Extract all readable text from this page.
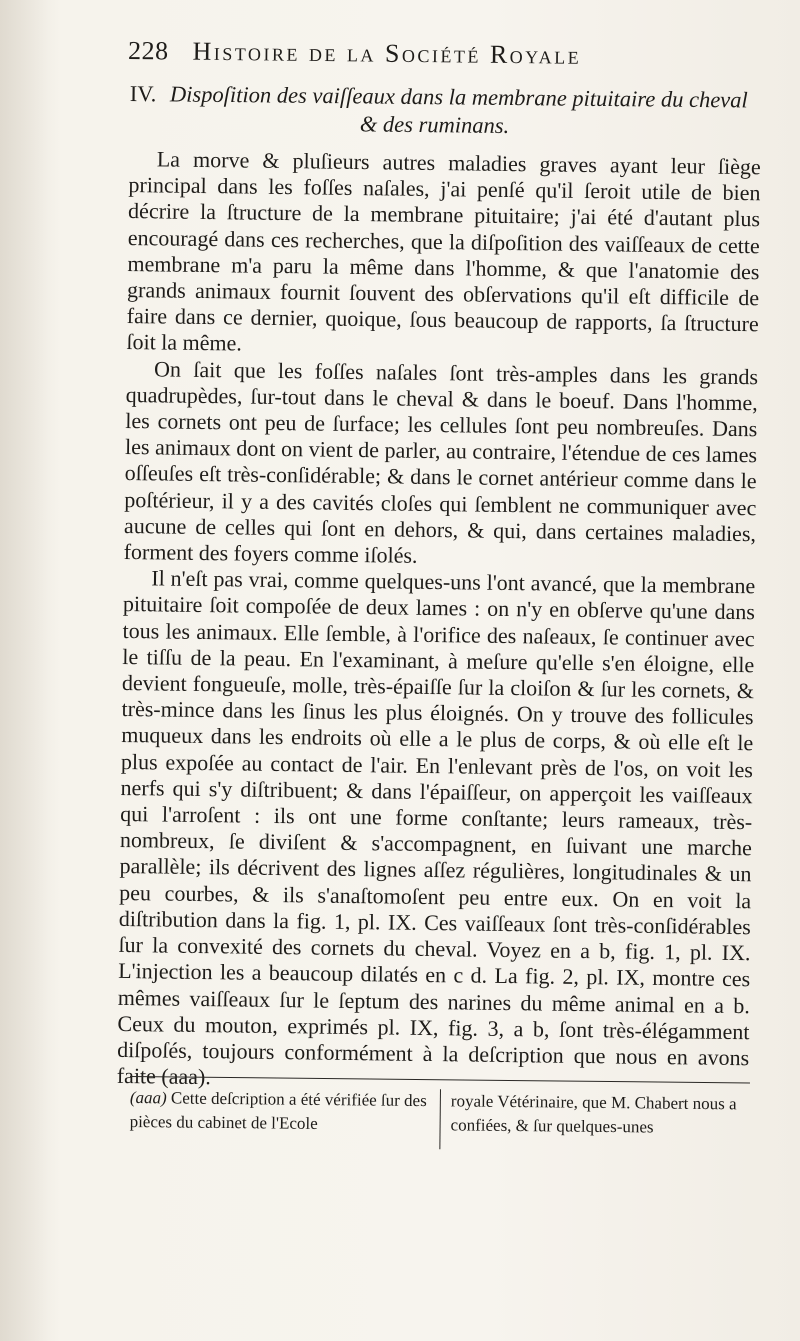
228 Histoire de la Société Royale
IV. Dispoſition des vaiſſeaux dans la membrane pituitaire du cheval
& des ruminans.

La morve & pluſieurs autres maladies graves ayant leur ſiège principal dans les foſſes naſales, j'ai penſé qu'il ſeroit utile de bien décrire la ſtructure de la membrane pituitaire; j'ai été d'autant plus encouragé dans ces recherches, que la diſpoſition des vaiſſeaux de cette membrane m'a paru la même dans l'homme, & que l'anatomie des grands animaux fournit ſouvent des obſervations qu'il eſt difficile de faire dans ce dernier, quoique, ſous beaucoup de rapports, ſa ſtructure ſoit la même.

On ſait que les foſſes naſales ſont très-amples dans les grands quadrupèdes, ſur-tout dans le cheval & dans le boeuf. Dans l'homme, les cornets ont peu de ſurface; les cellules ſont peu nombreuſes. Dans les animaux dont on vient de parler, au contraire, l'étendue de ces lames oſſeuſes eſt très-conſidérable; & dans le cornet antérieur comme dans le poſtérieur, il y a des cavités cloſes qui ſemblent ne communiquer avec aucune de celles qui ſont en dehors, & qui, dans certaines maladies, forment des foyers comme iſolés.

Il n'eſt pas vrai, comme quelques-uns l'ont avancé, que la membrane pituitaire ſoit compoſée de deux lames : on n'y en obſerve qu'une dans tous les animaux. Elle ſemble, à l'orifice des naſeaux, ſe continuer avec le tiſſu de la peau. En l'examinant, à meſure qu'elle s'en éloigne, elle devient fongueuſe, molle, très-épaiſſe ſur la cloiſon & ſur les cornets, & très-mince dans les ſinus les plus éloignés. On y trouve des follicules muqueux dans les endroits où elle a le plus de corps, & où elle eſt le plus expoſée au contact de l'air. En l'enlevant près de l'os, on voit les nerfs qui s'y diſtribuent; & dans l'épaiſſeur, on apperçoit les vaiſſeaux qui l'arroſent : ils ont une forme conſtante; leurs rameaux, très-nombreux, ſe diviſent & s'accompagnent, en ſuivant une marche parallèle; ils décrivent des lignes aſſez régulières, longitudinales & un peu courbes, & ils s'anaſtomoſent peu entre eux. On en voit la diſtribution dans la fig. 1, pl. IX. Ces vaiſſeaux ſont très-conſidérables ſur la convexité des cornets du cheval. Voyez en a b, fig. 1, pl. IX. L'injection les a beaucoup dilatés en c d. La fig. 2, pl. IX, montre ces mêmes vaiſſeaux ſur le ſeptum des narines du même animal en a b. Ceux du mouton, exprimés pl. IX, fig. 3, a b, ſont très-élégamment diſpoſés, toujours conformément à la deſcription que nous en avons faite (aaa).

(aaa) Cette deſcription a été vérifiée ſur des pièces du cabinet de l'Ecole
royale Vétérinaire, que M. Chabert nous a confiées, & ſur quelques-unes
